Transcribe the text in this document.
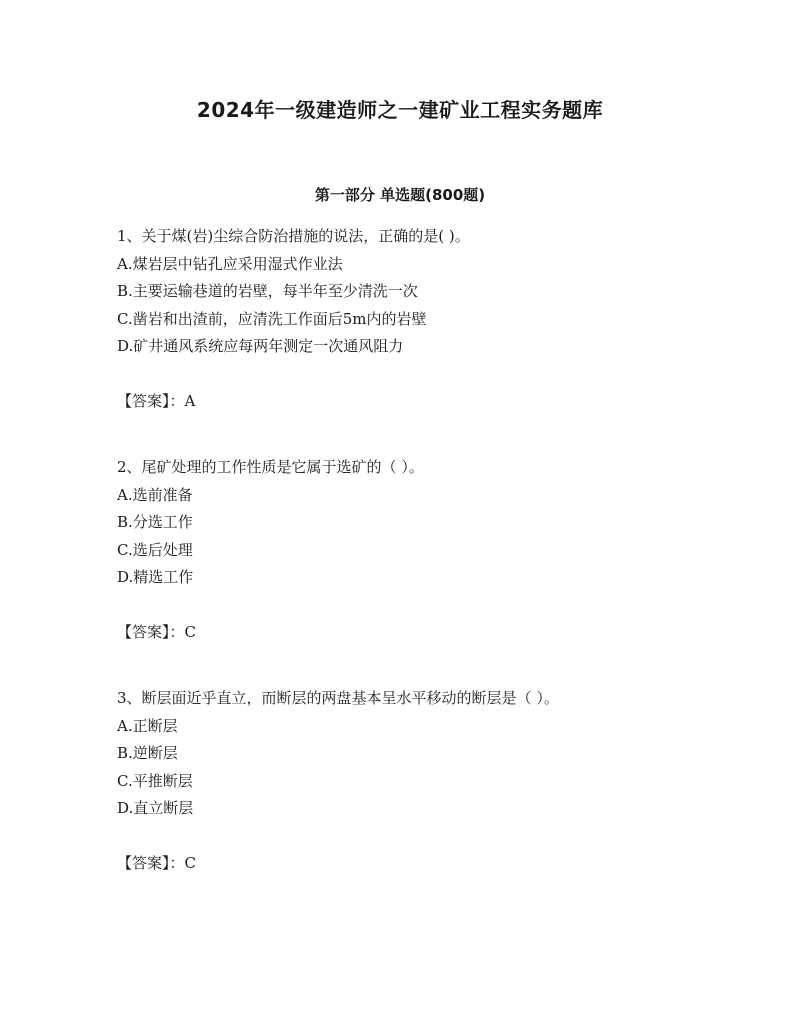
2024年一级建造师之一建矿业工程实务题库
第一部分 单选题(800题)
1、关于煤(岩)尘综合防治措施的说法，正确的是( )。
A.煤岩层中钻孔应采用湿式作业法
B.主要运输巷道的岩壁，每半年至少清洗一次
C.凿岩和出渣前，应清洗工作面后5m内的岩壁
D.矿井通风系统应每两年测定一次通风阻力
【答案】：A
2、尾矿处理的工作性质是它属于选矿的（ ）。
A.选前准备
B.分选工作
C.选后处理
D.精选工作
【答案】：C
3、断层面近乎直立，而断层的两盘基本呈水平移动的断层是（ ）。
A.正断层
B.逆断层
C.平推断层
D.直立断层
【答案】：C
